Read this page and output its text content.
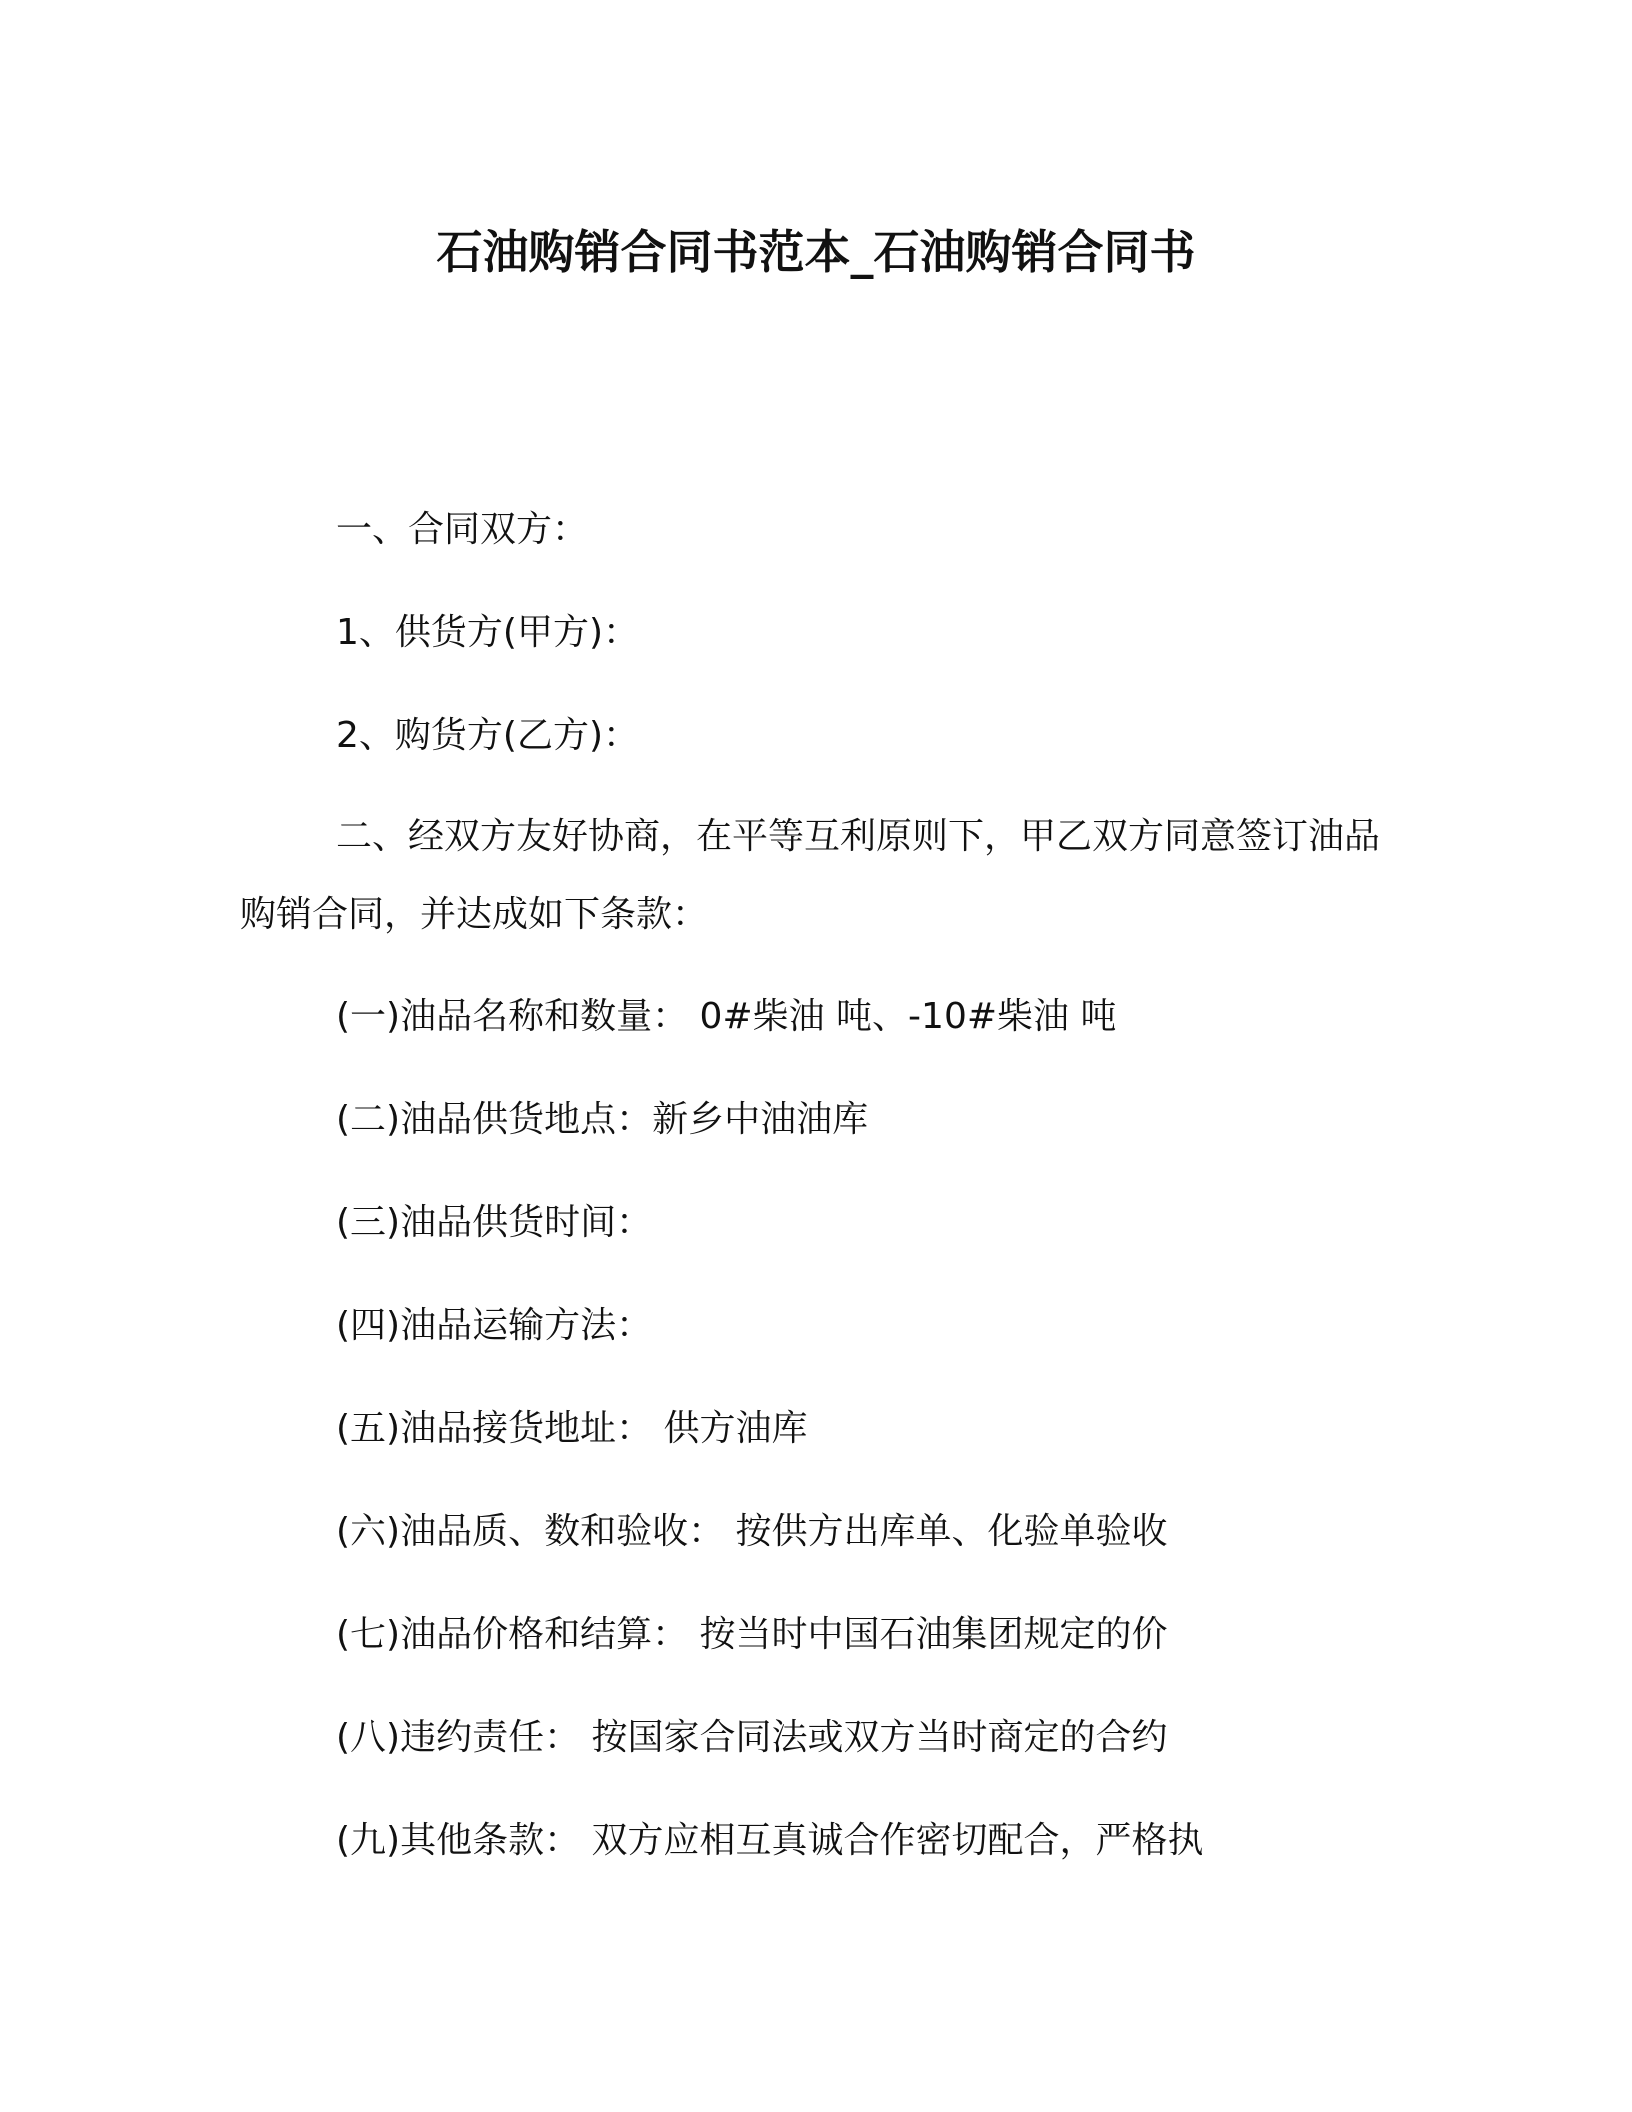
石油购销合同书范本_石油购销合同书
一、合同双方：
1、供货方(甲方)：
2、购货方(乙方)：
二、经双方友好协商，在平等互利原则下，甲乙双方同意签订油品购销合同，并达成如下条款：
(一)油品名称和数量： 0#柴油 吨、-10#柴油 吨
(二)油品供货地点：新乡中油油库
(三)油品供货时间：
(四)油品运输方法：
(五)油品接货地址： 供方油库
(六)油品质、数和验收： 按供方出库单、化验单验收
(七)油品价格和结算： 按当时中国石油集团规定的价
(八)违约责任： 按国家合同法或双方当时商定的合约
(九)其他条款： 双方应相互真诚合作密切配合，严格执
